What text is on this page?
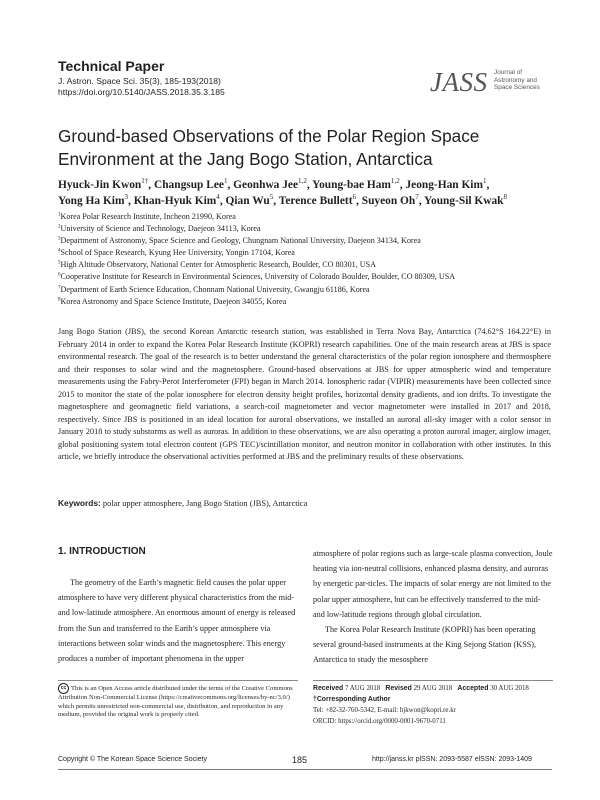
Technical Paper
J. Astron. Space Sci. 35(3), 185-193(2018)
https://doi.org/10.5140/JASS.2018.35.3.185	JASS Journal of Astronomy and Space Sciences
Ground-based Observations of the Polar Region Space Environment at the Jang Bogo Station, Antarctica

Hyuck-Jin Kwon$^{1\dagger}$, Changsup Lee$^1$, Geonhwa Jee$^{1,2}$, Young-bae Ham$^{1,2}$, Jeong-Han Kim$^1$,
Yong Ha Kim$^3$, Khan-Hyuk Kim$^4$, Qian Wu$^5$, Terence Bullett$^6$, Suyeon Oh$^7$, Young-Sil Kwak$^8$

$^1$Korea Polar Research Institute, Incheon 21990, Korea
$^2$University of Science and Technology, Daejeon 34113, Korea
$^3$Department of Astronomy, Space Science and Geology, Chungnam National University, Daejeon 34134, Korea
$^4$School of Space Research, Kyung Hee University, Yongin 17104, Korea
$^5$High Altitude Observatory, National Center for Atmospheric Research, Boulder, CO 80301, USA
$^6$Cooperative Institute for Research in Environmental Sciences, University of Colorado Boulder, Boulder, CO 80309, USA
$^7$Department of Earth Science Education, Chonnam National University, Gwangju 61186, Korea
$^8$Korea Astronomy and Space Science Institute, Daejeon 34055, Korea

Jang Bogo Station (JBS), the second Korean Antarctic research station, was established in Terra Nova Bay, Antarctica (74.62°S 164.22°E) in February 2014 in order to expand the Korea Polar Research Institute (KOPRI) research capabilities. One of the main research areas at JBS is space environmental research. The goal of the research is to better understand the general characteristics of the polar region ionosphere and thermosphere and their responses to solar wind and the magnetosphere. Ground-based observations at JBS for upper atmospheric wind and temperature measurements using the Fabry-Perot Interferometer (FPI) began in March 2014. Ionospheric radar (VIPIR) measurements have been collected since 2015 to monitor the state of the polar ionosphere for electron density height profiles, horizontal density gradients, and ion drifts. To investigate the magnetosphere and geomagnetic field variations, a search-coil magnetometer and vector magnetometer were installed in 2017 and 2018, respectively. Since JBS is positioned in an ideal location for auroral observations, we installed an auroral all-sky imager with a color sensor in January 2018 to study substorms as well as auroras. In addition to these observations, we are also operating a proton auroral imager, airglow imager, global positioning system total electron content (GPS TEC)/scintillation monitor, and neutron monitor in collaboration with other institutes. In this article, we briefly introduce the observational activities performed at JBS and the preliminary results of these observations.

Keywords: polar upper atmosphere, Jang Bogo Station (JBS), Antarctica
1. INTRODUCTION

The geometry of the Earth’s magnetic field causes the polar upper atmosphere to have very different physical characteristics from the mid- and low-latitude atmosphere. An enormous amount of energy is released from the Sun and transferred to the Earth’s upper atmosphere via interactions between solar winds and the magnetosphere. This energy produces a number of important phenomena in the upper

atmosphere of polar regions such as large-scale plasma convection, Joule heating via ion-neutral collisions, enhanced plasma density, and auroras by energetic par-ticles. The impacts of solar energy are not limited to the polar upper atmosphere, but can be effectively transferred to the mid- and low-latitude regions through global circulation.

The Korea Polar Research Institute (KOPRI) has been operating several ground-based instruments at the King Sejong Station (KSS), Antarctica to study the mesosphere

cc This is an Open Access article distributed under the terms of the Creative Commons Attribution Non-Commercial License (https://creativecommons.org/licenses/by-nc/3.0/) which permits unrestricted non-commercial use, distribution, and reproduction in any medium, provided the original work is properly cited.
Received 7 AUG 2018 Revised 29 AUG 2018 Accepted 30 AUG 2018
†Corresponding Author
Tel: +82-32-760-5342, E-mail: hjkwon@kopri.re.kr
ORCID: https://orcid.org/0000-0001-9670-0711
Copyright © The Korean Space Science Society	185	http://janss.kr plSSN: 2093-5587 elSSN: 2093-1409
